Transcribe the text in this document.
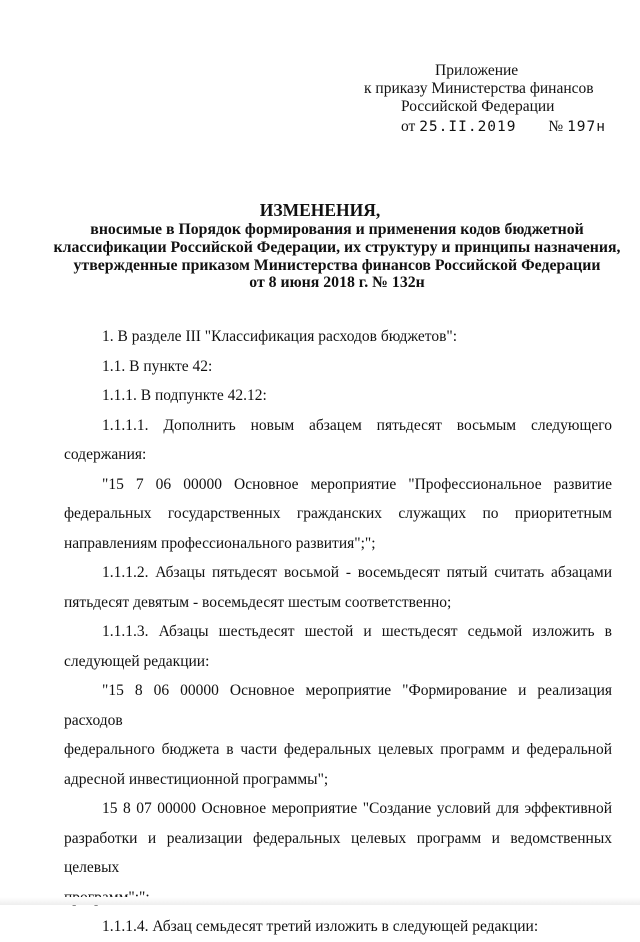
Приложение
к приказу Министерства финансов
Российской Федерации
от 25.II.2019 № 197н
ИЗМЕНЕНИЯ,
вносимые в Порядок формирования и применения кодов бюджетной
классификации Российской Федерации, их структуру и принципы назначения,
утвержденные приказом Министерства финансов Российской Федерации
от 8 июня 2018 г. № 132н

1. В разделе III "Классификация расходов бюджетов":

1.1. В пункте 42:

1.1.1. В подпункте 42.12:

1.1.1.1. Дополнить новым абзацем пятьдесят восьмым следующего
содержания:

"15 7 06 00000 Основное мероприятие "Профессиональное развитие
федеральных государственных гражданских служащих по приоритетным
направлениям профессионального развития";";

1.1.1.2. Абзацы пятьдесят восьмой - восемьдесят пятый считать абзацами
пятьдесят девятым - восемьдесят шестым соответственно;

1.1.1.3. Абзацы шестьдесят шестой и шестьдесят седьмой изложить в
следующей редакции:

"15 8 06 00000 Основное мероприятие "Формирование и реализация расходов
федерального бюджета в части федеральных целевых программ и федеральной
адресной инвестиционной программы";

15 8 07 00000 Основное мероприятие "Создание условий для эффективной
разработки и реализации федеральных целевых программ и ведомственных целевых

1.1.1.4. Абзац семьдесят третий изложить в следующей редакции:
